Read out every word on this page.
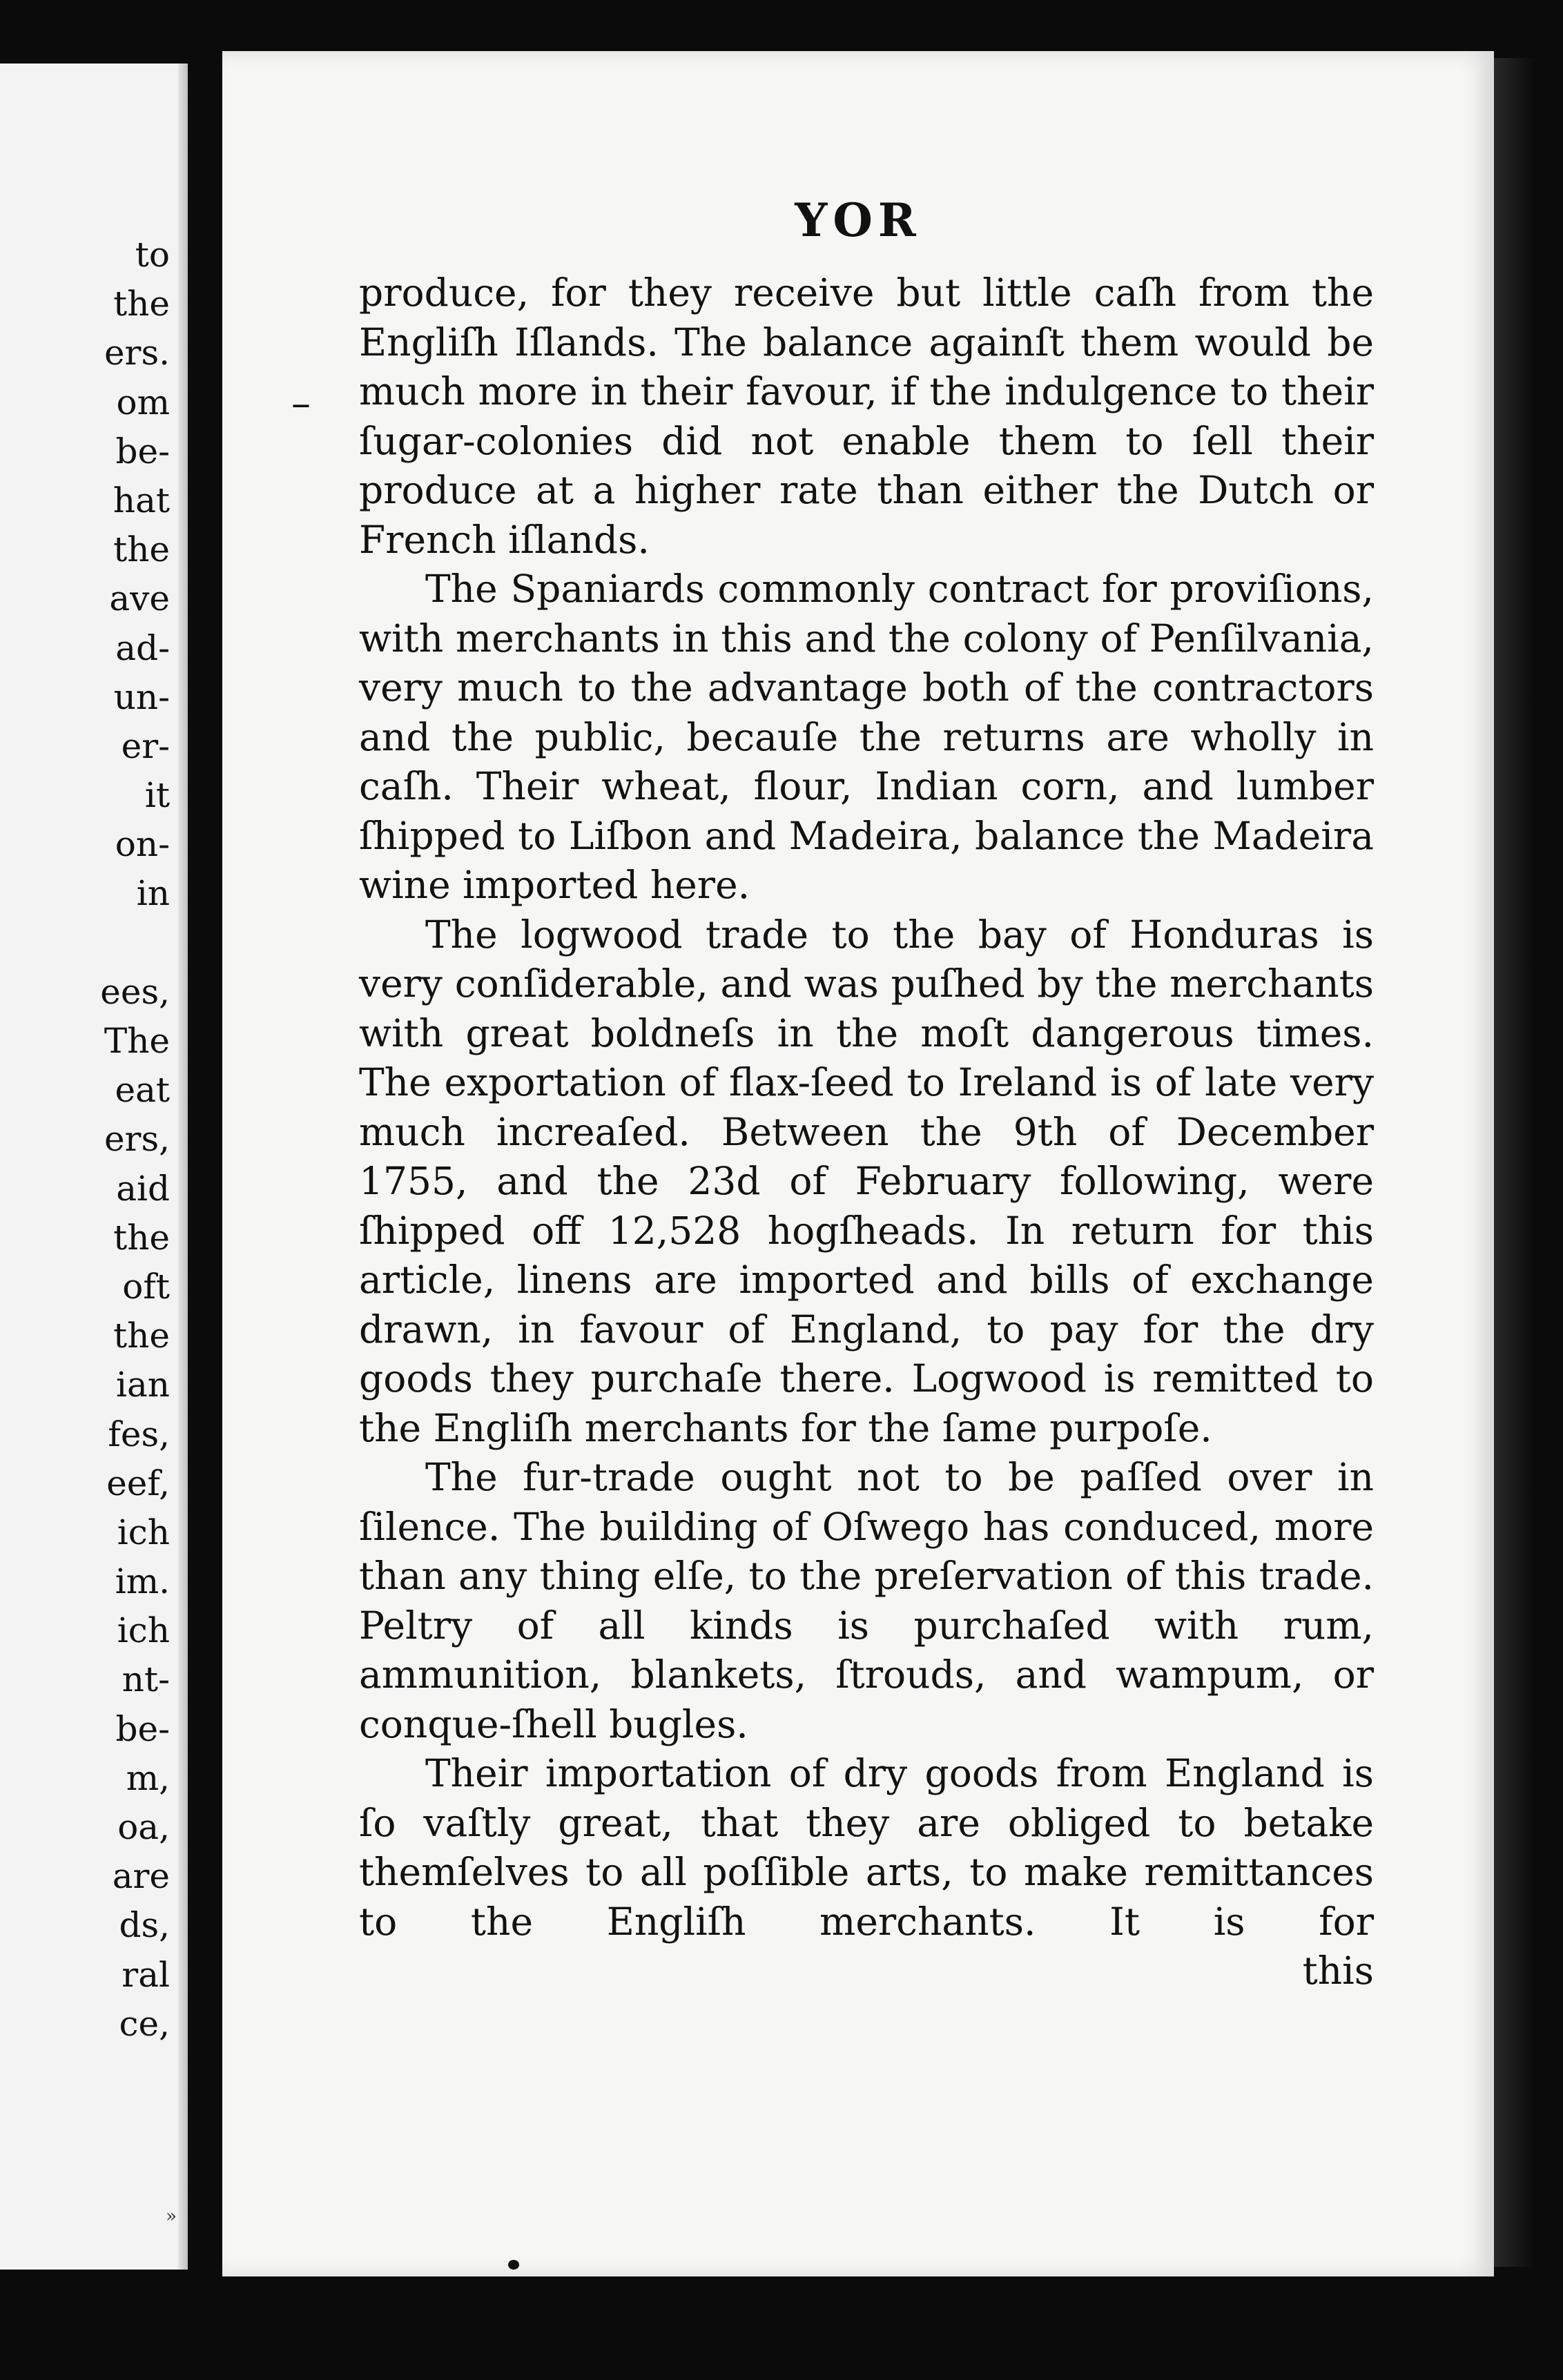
to
the
ers.
om
be-
hat
the
ave
ad-
un-
er-
it
on-
in
ees,
The
eat
ers,
aid
the
oft
the
ian
fes,
eef,
ich
im.
ich
nt-
be-
m,
oa,
are
ds,
ral
ce,
»
YOR
–

produce, for they receive but little caſh from the Engliſh Iſlands. The balance againſt them would be much more in their favour, if the indulgence to their ſugar-colonies did not enable them to ſell their produce at a higher rate than either the Dutch or French iſlands.

The Spaniards commonly contract for proviſions, with merchants in this and the colony of Penſilvania, very much to the advantage both of the contractors and the public, becauſe the returns are wholly in caſh. Their wheat, flour, Indian corn, and lumber ſhipped to Liſbon and Madeira, balance the Madeira wine imported here.

The logwood trade to the bay of Honduras is very conſiderable, and was puſhed by the merchants with great boldneſs in the moſt dangerous times. The exportation of flax-ſeed to Ireland is of late very much increaſed. Between the 9th of December 1755, and the 23d of February following, were ſhipped off 12,528 hogſheads. In return for this article, linens are imported and bills of exchange drawn, in favour of England, to pay for the dry goods they purchaſe there. Logwood is remitted to the Engliſh merchants for the ſame purpoſe.

The fur-trade ought not to be paſſed over in ſilence. The building of Oſwego has conduced, more than any thing elſe, to the preſervation of this trade. Peltry of all kinds is purchaſed with rum, ammunition, blankets, ſtrouds, and wampum, or conque-ſhell bugles.

Their importation of dry goods from England is ſo vaſtly great, that they are obliged to betake themſelves to all poſſible arts, to make remittances to the Engliſh merchants. It is for

this
